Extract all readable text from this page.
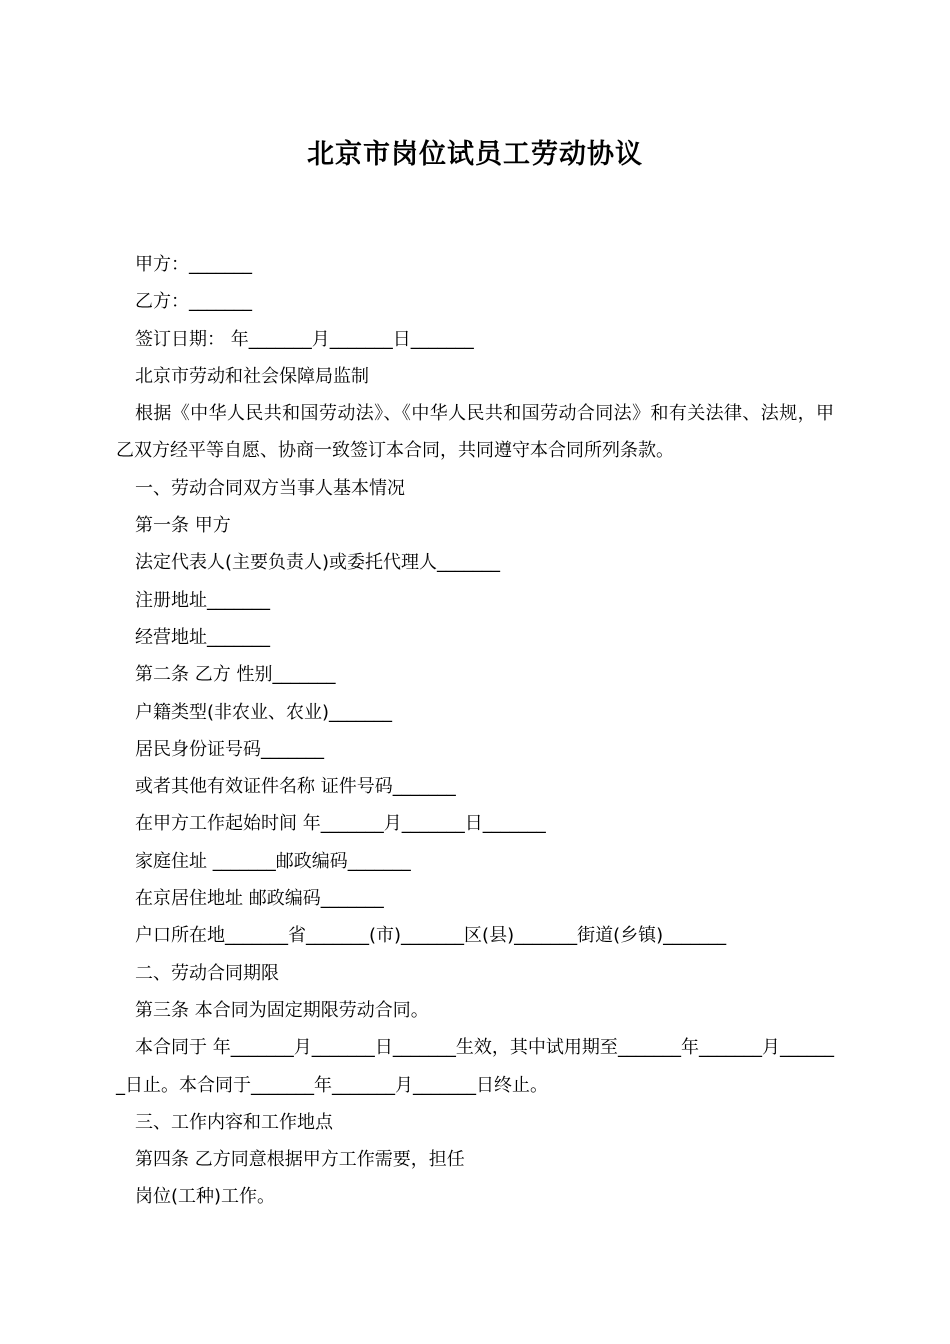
北京市岗位试员工劳动协议
甲方：_______
乙方：_______
签订日期： 年_______月_______日_______
北京市劳动和社会保障局监制
根据《中华人民共和国劳动法》、《中华人民共和国劳动合同法》和有关法律、法规，甲乙双方经平等自愿、协商一致签订本合同，共同遵守本合同所列条款。
一、劳动合同双方当事人基本情况
第一条 甲方
法定代表人(主要负责人)或委托代理人_______
注册地址_______
经营地址_______
第二条 乙方 性别_______
户籍类型(非农业、农业)_______
居民身份证号码_______
或者其他有效证件名称 证件号码_______
在甲方工作起始时间 年_______月_______日_______
家庭住址 _______邮政编码_______
在京居住地址 邮政编码_______
户口所在地_______省_______(市)_______区(县)_______街道(乡镇)_______
二、劳动合同期限
第三条 本合同为固定期限劳动合同。
本合同于 年_______月_______日_______生效，其中试用期至_______年_______月_______日止。本合同于_______年_______月_______日终止。
三、工作内容和工作地点
第四条 乙方同意根据甲方工作需要，担任
岗位(工种)工作。
